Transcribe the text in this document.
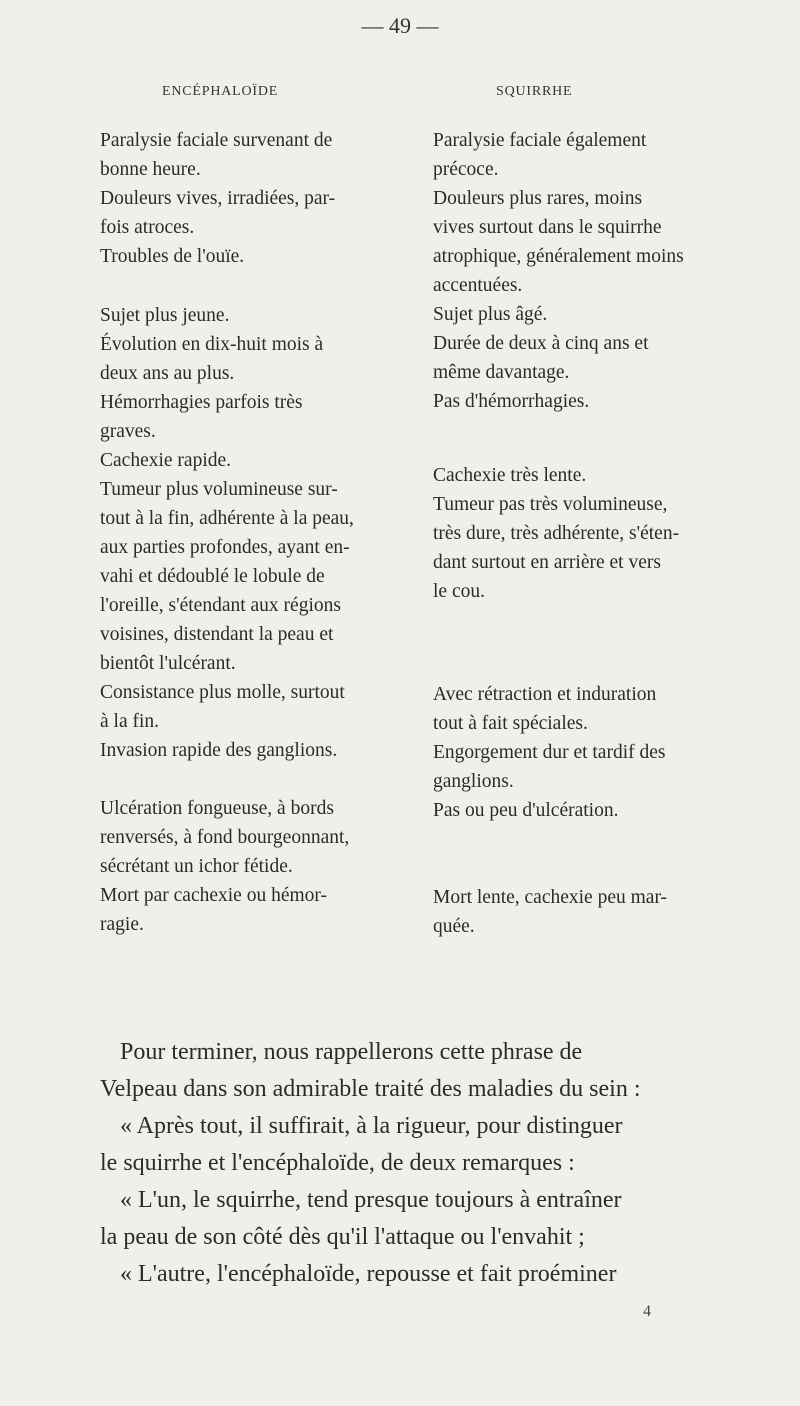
— 49 —
ENCÉPHALOÏDE	SQUIRRHE

Paralysie faciale survenant de

bonne heure.

Douleurs vives, irradiées, par-

fois atroces.

Troubles de l'ouïe.

Sujet plus jeune.

Évolution en dix-huit mois à

deux ans au plus.

Hémorrhagies parfois très

graves.

Cachexie rapide.

Tumeur plus volumineuse sur-

tout à la fin, adhérente à la peau,

aux parties profondes, ayant en-

vahi et dédoublé le lobule de

l'oreille, s'étendant aux régions

voisines, distendant la peau et

bientôt l'ulcérant.

Consistance plus molle, surtout

à la fin.

Invasion rapide des ganglions.

Ulcération fongueuse, à bords

renversés, à fond bourgeonnant,

sécrétant un ichor fétide.

Mort par cachexie ou hémor-

ragie.

Paralysie faciale également

précoce.

Douleurs plus rares, moins

vives surtout dans le squirrhe

atrophique, généralement moins

accentuées.

Sujet plus âgé.

Durée de deux à cinq ans et

même davantage.

Pas d'hémorrhagies.

Cachexie très lente.

Tumeur pas très volumineuse,

très dure, très adhérente, s'éten-

dant surtout en arrière et vers

le cou.

Avec rétraction et induration

tout à fait spéciales.

Engorgement dur et tardif des

ganglions.

Pas ou peu d'ulcération.

Mort lente, cachexie peu mar-

quée.

Pour terminer, nous rappellerons cette phrase de

Velpeau dans son admirable traité des maladies du sein :

« Après tout, il suffirait, à la rigueur, pour distinguer

le squirrhe et l'encéphaloïde, de deux remarques :

« L'un, le squirrhe, tend presque toujours à entraîner

la peau de son côté dès qu'il l'attaque ou l'envahit ;

« L'autre, l'encéphaloïde, repousse et fait proéminer

4
